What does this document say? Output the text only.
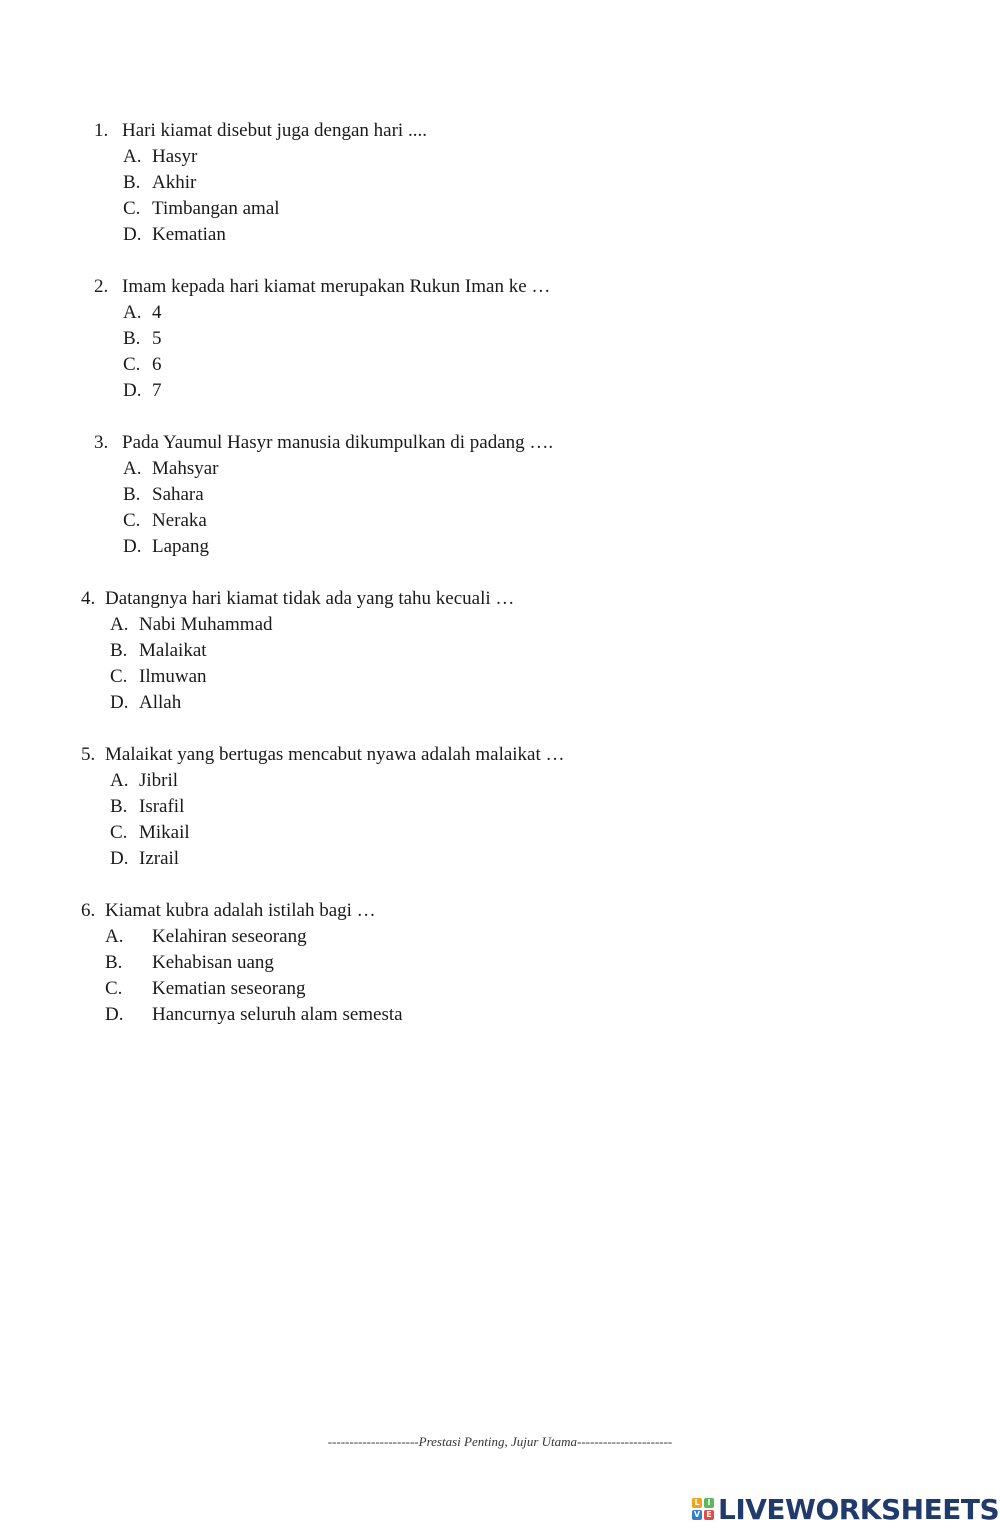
1. Hari kiamat disebut juga dengan hari ....
A. Hasyr
B. Akhir
C. Timbangan amal
D. Kematian
2. Imam kepada hari kiamat merupakan Rukun Iman ke …
A. 4
B. 5
C. 6
D. 7
3. Pada Yaumul Hasyr manusia dikumpulkan di padang ….
A. Mahsyar
B. Sahara
C. Neraka
D. Lapang
4. Datangnya hari kiamat tidak ada yang tahu kecuali …
A. Nabi Muhammad
B. Malaikat
C. Ilmuwan
D. Allah
5. Malaikat yang bertugas mencabut nyawa adalah malaikat …
A. Jibril
B. Israfil
C. Mikail
D. Izrail
6. Kiamat kubra adalah istilah bagi …
A. Kelahiran seseorang
B. Kehabisan uang
C. Kematian seseorang
D. Hancurnya seluruh alam semesta
---------------------Prestasi Penting, Jujur Utama----------------------
L I
V E LIVEWORKSHEETS
